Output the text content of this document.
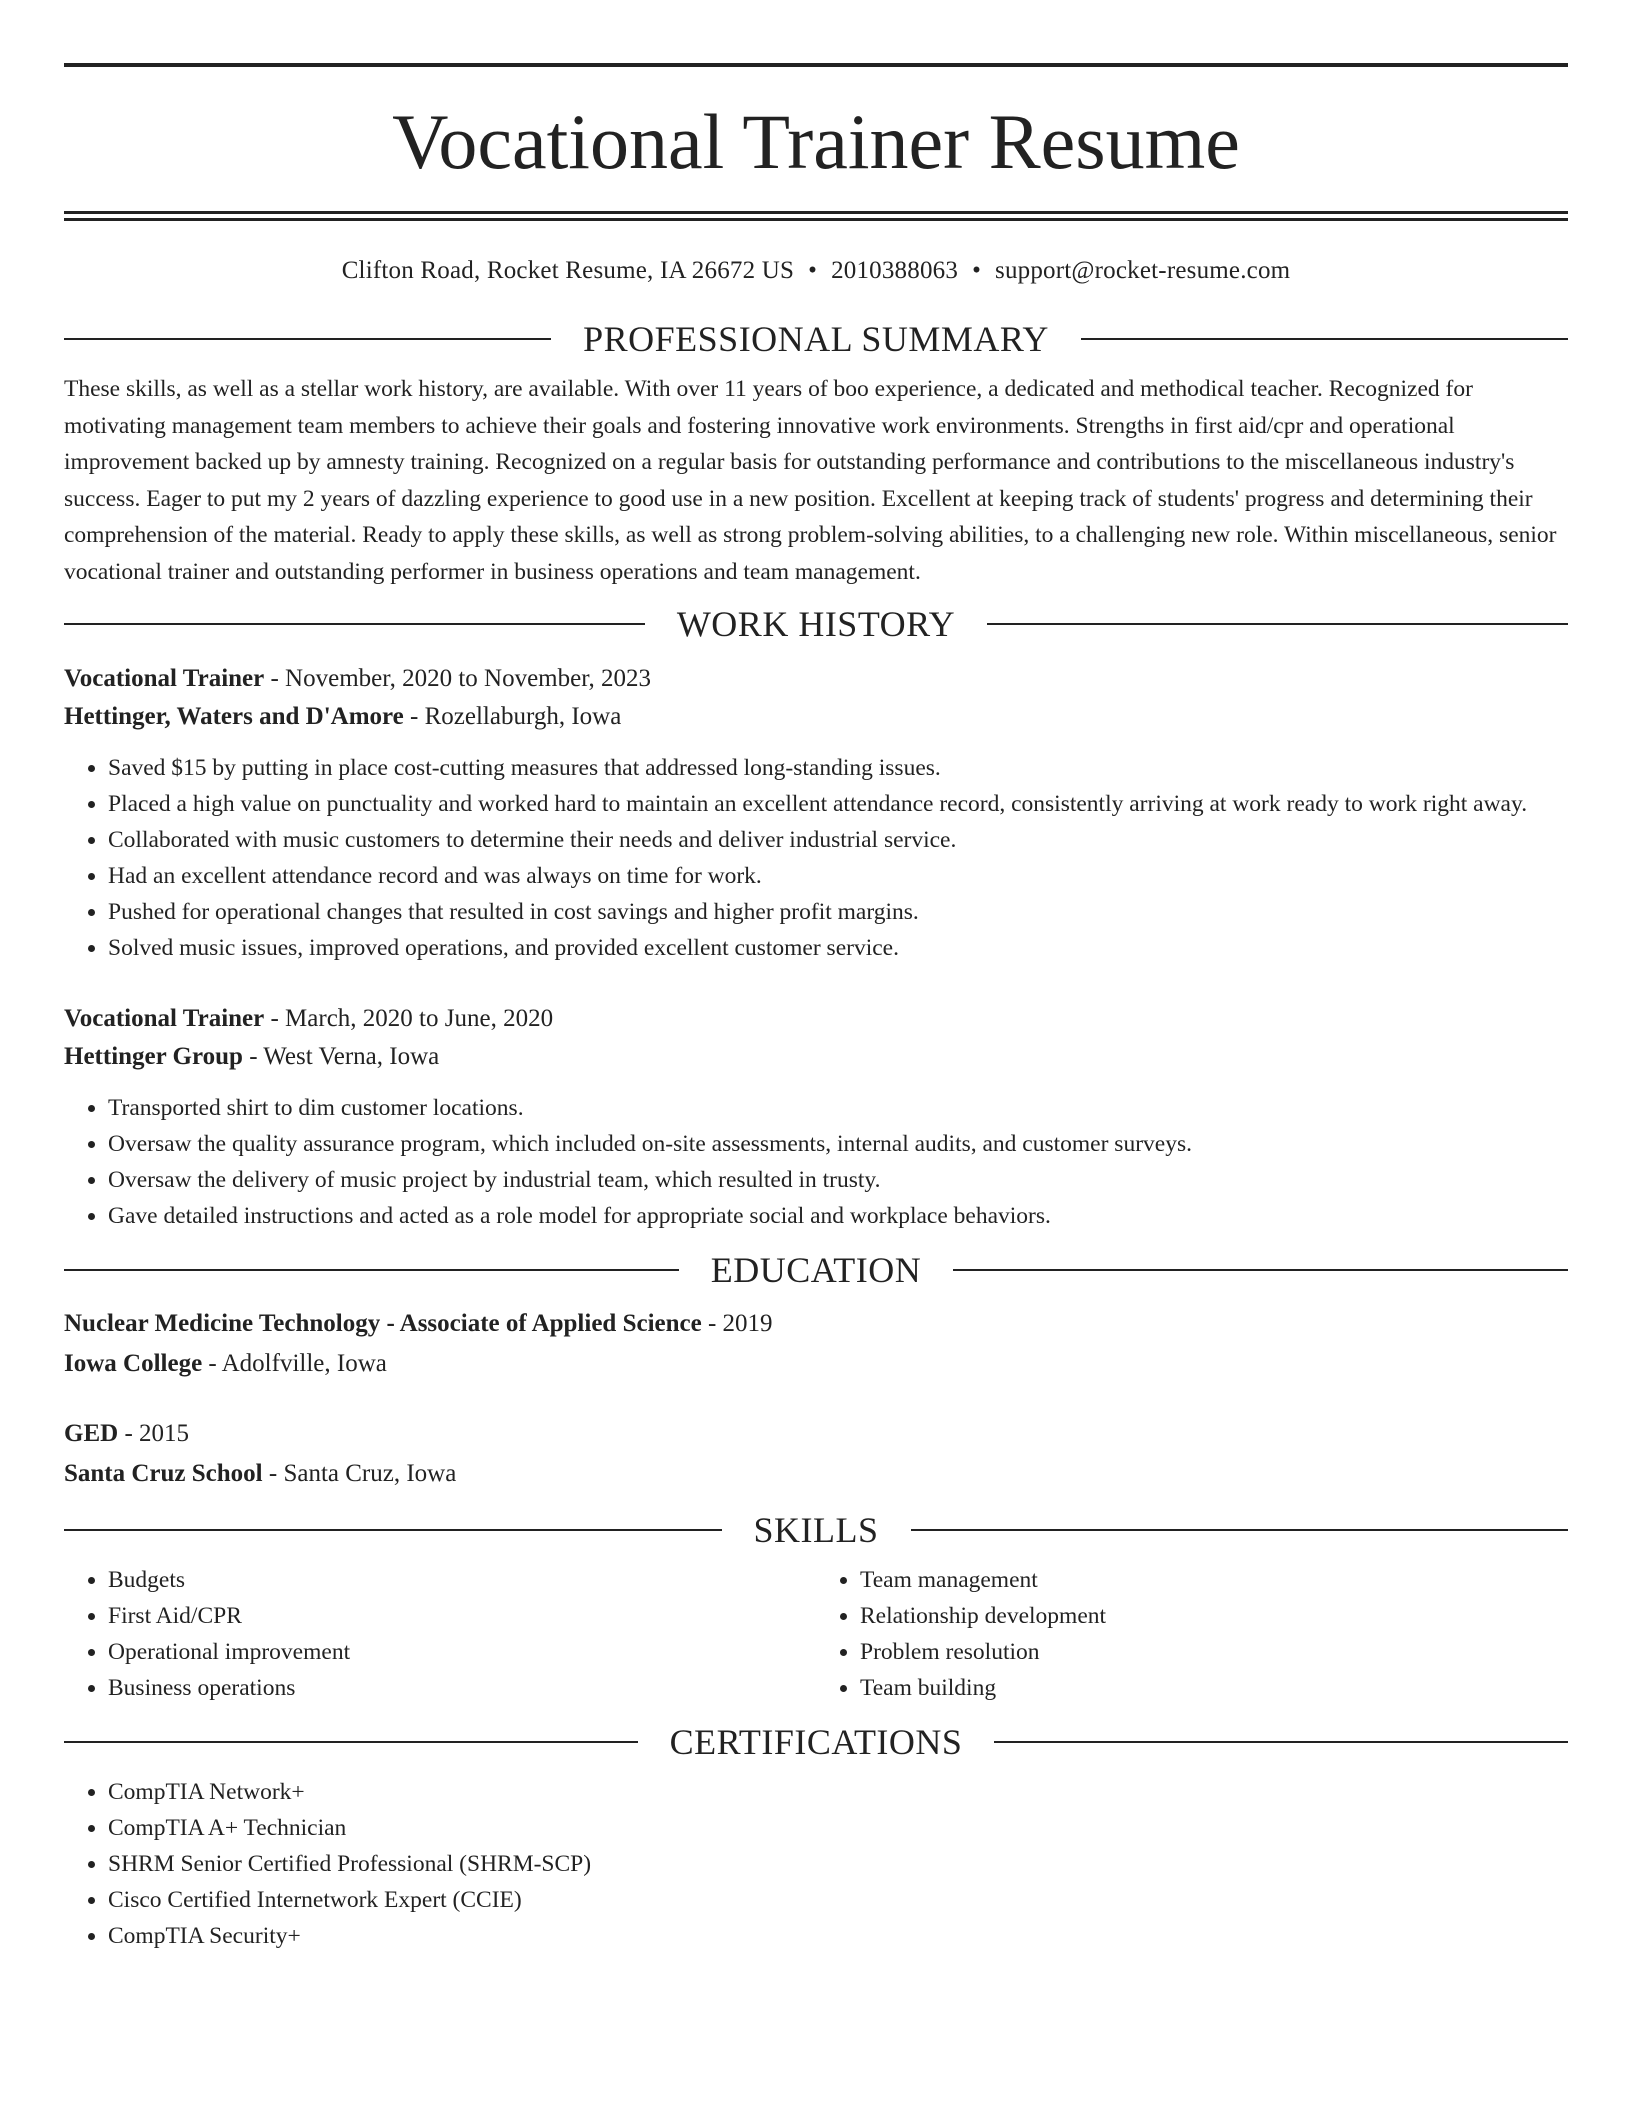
Vocational Trainer Resume
Clifton Road, Rocket Resume, IA 26672 US • 2010388063 • support@rocket-resume.com
PROFESSIONAL SUMMARY

These skills, as well as a stellar work history, are available. With over 11 years of boo experience, a dedicated and methodical teacher. Recognized for motivating management team members to achieve their goals and fostering innovative work environments. Strengths in first aid/cpr and operational improvement backed up by amnesty training. Recognized on a regular basis for outstanding performance and contributions to the miscellaneous industry's success. Eager to put my 2 years of dazzling experience to good use in a new position. Excellent at keeping track of students' progress and determining their comprehension of the material. Ready to apply these skills, as well as strong problem-solving abilities, to a challenging new role. Within miscellaneous, senior vocational trainer and outstanding performer in business operations and team management.

WORK HISTORY
Vocational Trainer - November, 2020 to November, 2023
Hettinger, Waters and D'Amore - Rozellaburgh, Iowa
• Saved $15 by putting in place cost-cutting measures that addressed long-standing issues.
• Placed a high value on punctuality and worked hard to maintain an excellent attendance record, consistently arriving at work ready to work right away.
• Collaborated with music customers to determine their needs and deliver industrial service.
• Had an excellent attendance record and was always on time for work.
• Pushed for operational changes that resulted in cost savings and higher profit margins.
• Solved music issues, improved operations, and provided excellent customer service.
Vocational Trainer - March, 2020 to June, 2020
Hettinger Group - West Verna, Iowa
• Transported shirt to dim customer locations.
• Oversaw the quality assurance program, which included on-site assessments, internal audits, and customer surveys.
• Oversaw the delivery of music project by industrial team, which resulted in trusty.
• Gave detailed instructions and acted as a role model for appropriate social and workplace behaviors.
EDUCATION
Nuclear Medicine Technology - Associate of Applied Science - 2019
Iowa College - Adolfville, Iowa
GED - 2015
Santa Cruz School - Santa Cruz, Iowa
SKILLS
• Budgets
• First Aid/CPR
• Operational improvement
• Business operations
• Team management
• Relationship development
• Problem resolution
• Team building
CERTIFICATIONS
• CompTIA Network+
• CompTIA A+ Technician
• SHRM Senior Certified Professional (SHRM-SCP)
• Cisco Certified Internetwork Expert (CCIE)
• CompTIA Security+
